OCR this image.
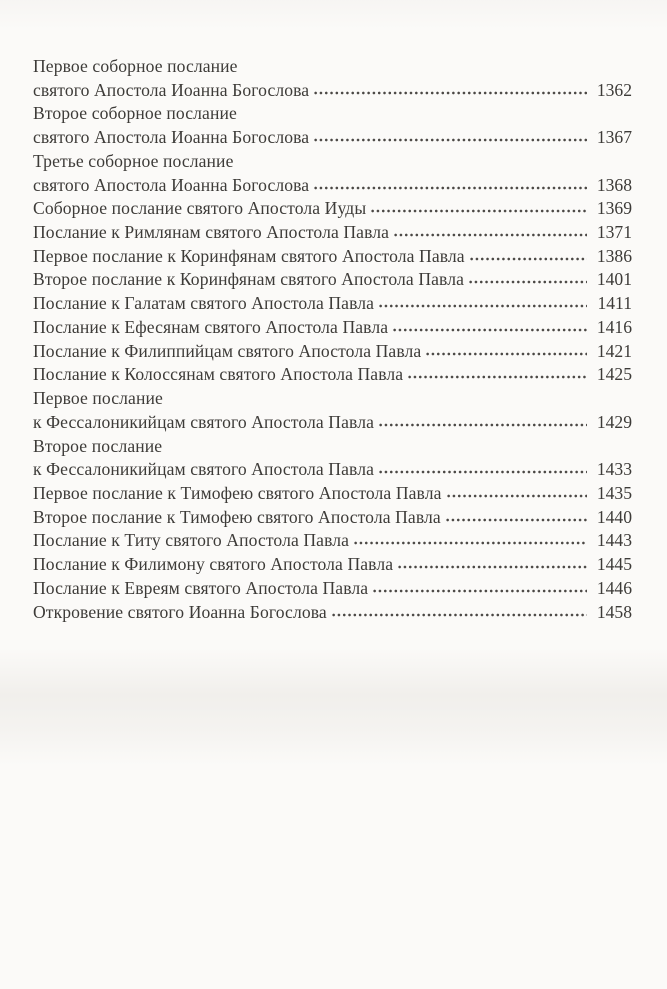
Первое соборное послание
святого Апостола Иоанна Богослова	1362
Второе соборное послание
святого Апостола Иоанна Богослова	1367
Третье соборное послание
святого Апостола Иоанна Богослова	1368
Соборное послание святого Апостола Иуды	1369
Послание к Римлянам святого Апостола Павла	1371
Первое послание к Коринфянам святого Апостола Павла	1386
Второе послание к Коринфянам святого Апостола Павла	1401
Послание к Галатам святого Апостола Павла	1411
Послание к Ефесянам святого Апостола Павла	1416
Послание к Филиппийцам святого Апостола Павла	1421
Послание к Колоссянам святого Апостола Павла	1425
Первое послание
к Фессалоникийцам святого Апостола Павла	1429
Второе послание
к Фессалоникийцам святого Апостола Павла	1433
Первое послание к Тимофею святого Апостола Павла	1435
Второе послание к Тимофею святого Апостола Павла	1440
Послание к Титу святого Апостола Павла	1443
Послание к Филимону святого Апостола Павла	1445
Послание к Евреям святого Апостола Павла	1446
Откровение святого Иоанна Богослова	1458
